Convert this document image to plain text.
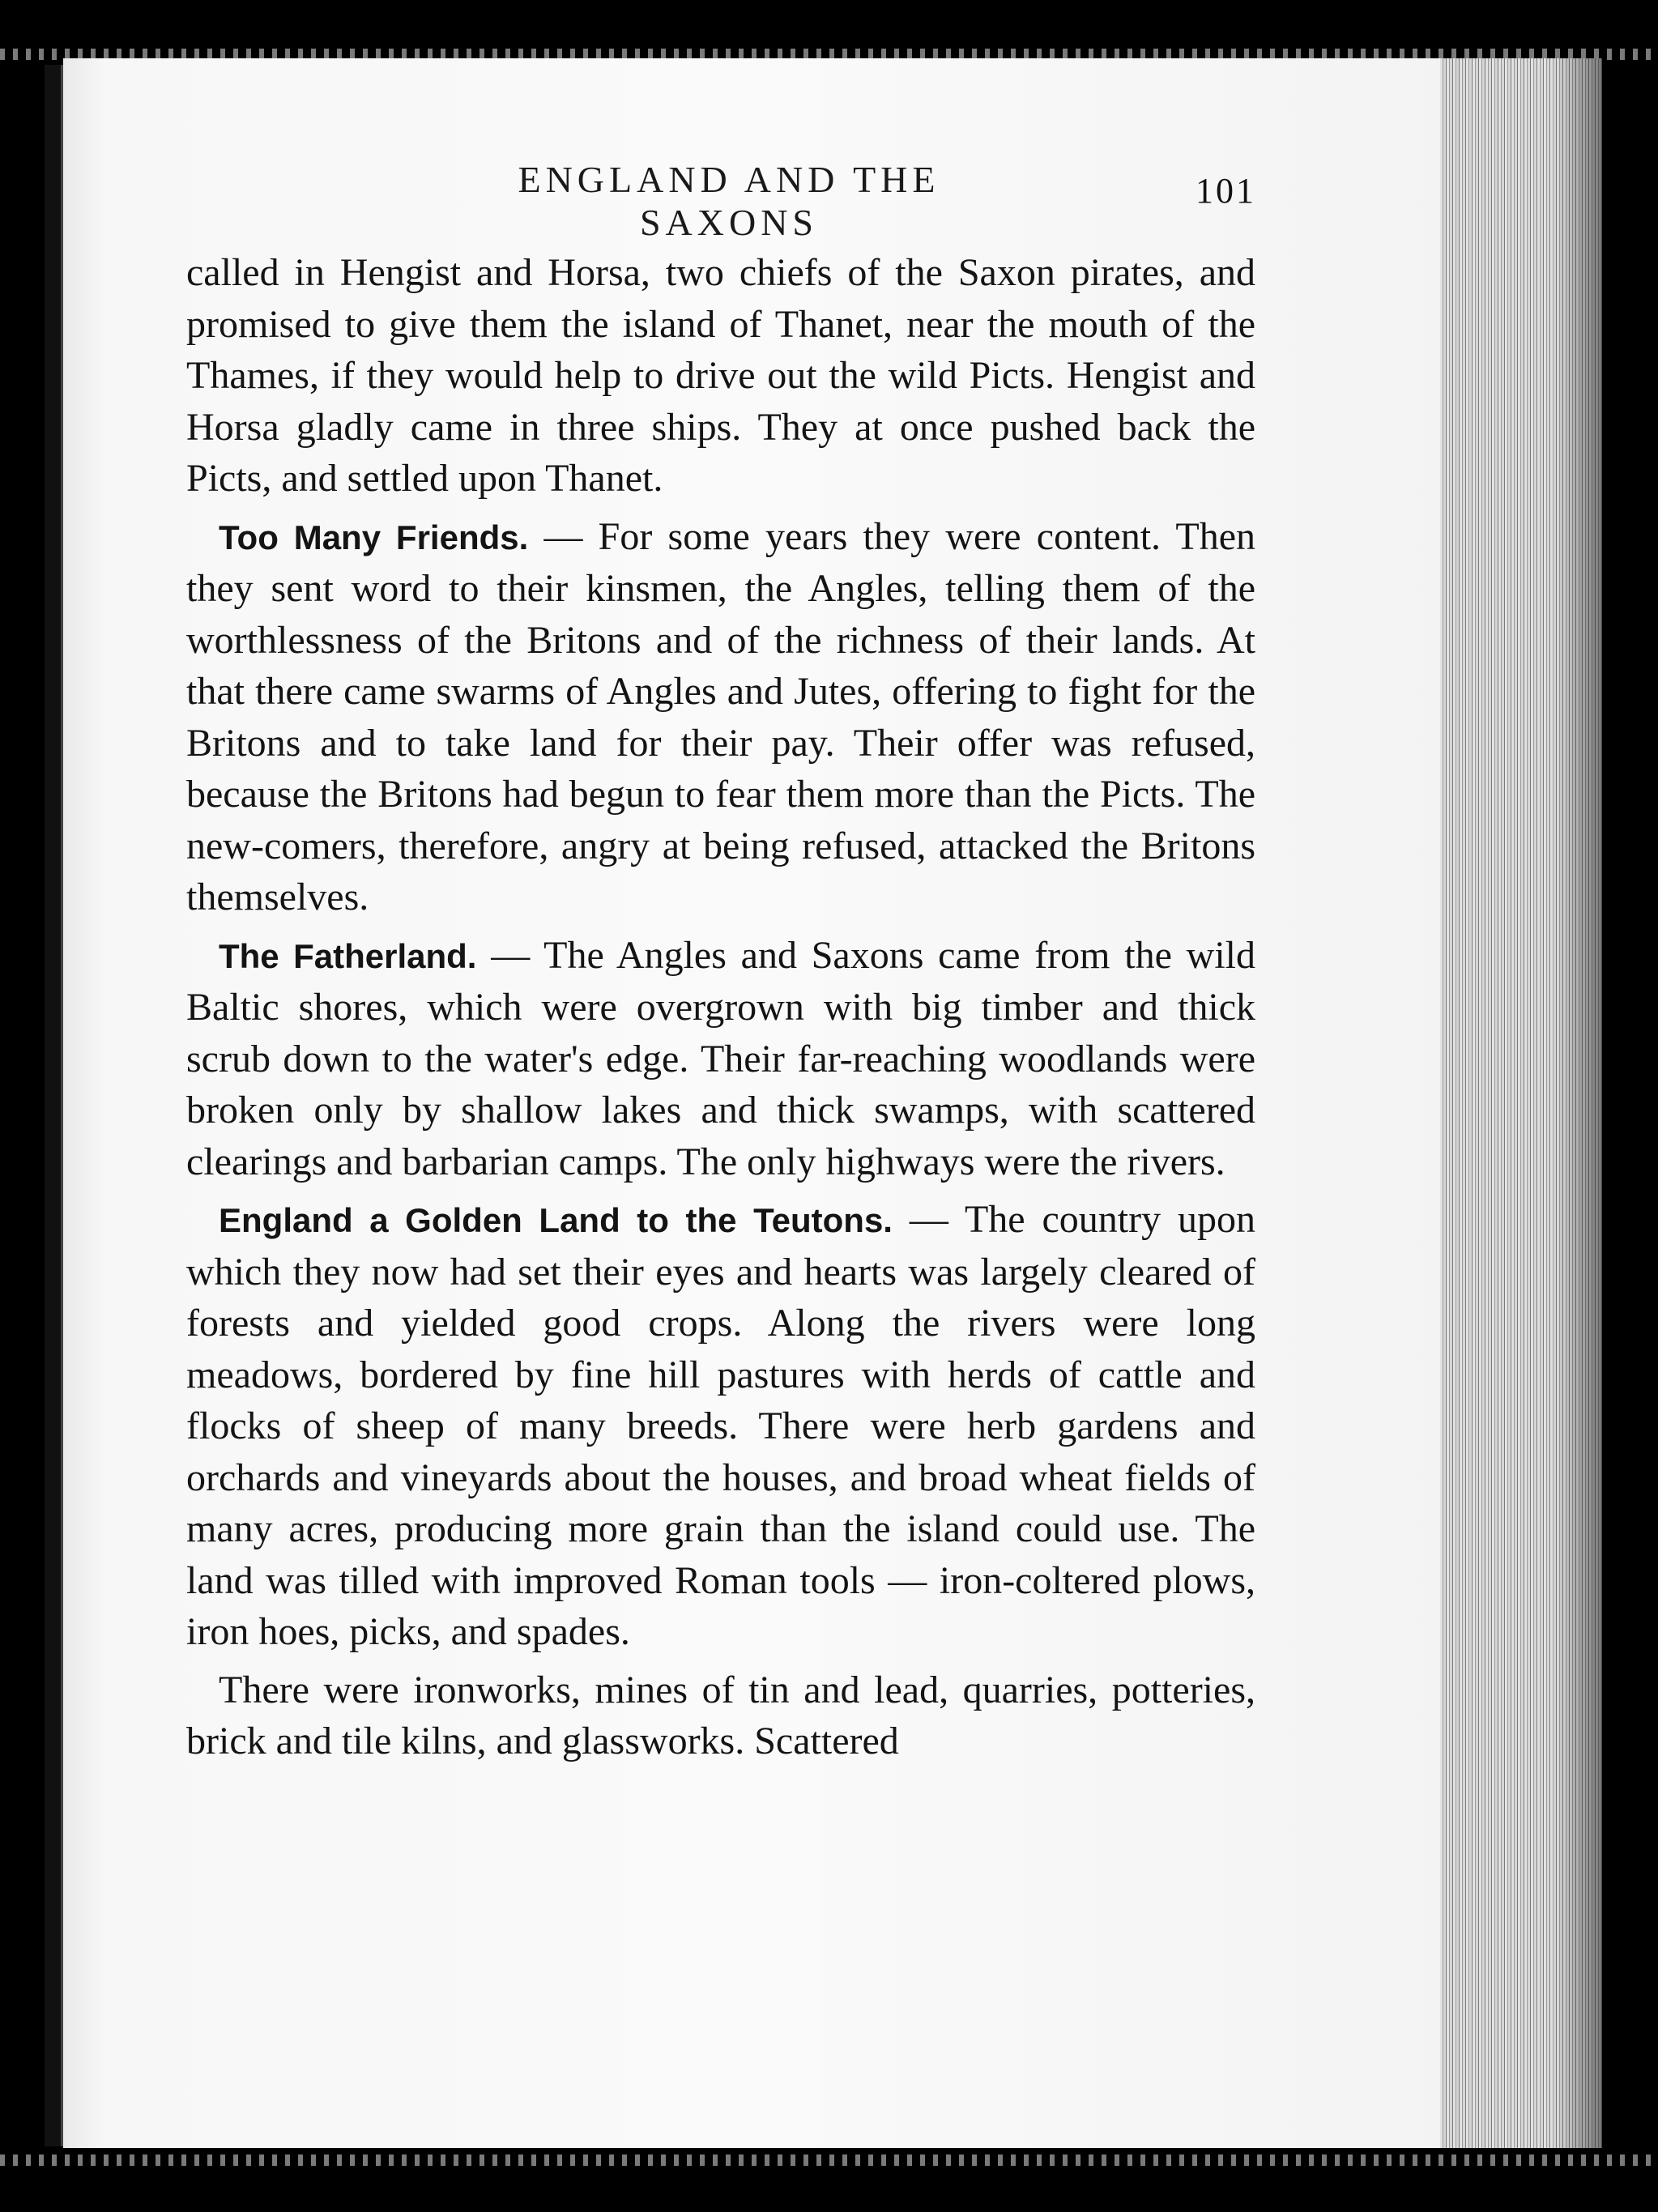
ENGLAND AND THE SAXONS
101

called in Hengist and Horsa, two chiefs of the Saxon pirates, and promised to give them the island of Thanet, near the mouth of the Thames, if they would help to drive out the wild Picts. Hengist and Horsa gladly came in three ships. They at once pushed back the Picts, and settled upon Thanet.

Too Many Friends. — For some years they were content. Then they sent word to their kinsmen, the Angles, telling them of the worthlessness of the Britons and of the richness of their lands. At that there came swarms of Angles and Jutes, offering to fight for the Britons and to take land for their pay. Their offer was refused, because the Britons had begun to fear them more than the Picts. The new-comers, therefore, angry at being refused, attacked the Britons themselves.

The Fatherland. — The Angles and Saxons came from the wild Baltic shores, which were overgrown with big timber and thick scrub down to the water's edge. Their far-reaching woodlands were broken only by shallow lakes and thick swamps, with scattered clearings and barbarian camps. The only highways were the rivers.

England a Golden Land to the Teutons. — The country upon which they now had set their eyes and hearts was largely cleared of forests and yielded good crops. Along the rivers were long meadows, bordered by fine hill pastures with herds of cattle and flocks of sheep of many breeds. There were herb gardens and orchards and vineyards about the houses, and broad wheat fields of many acres, producing more grain than the island could use. The land was tilled with improved Roman tools — iron-coltered plows, iron hoes, picks, and spades.

There were ironworks, mines of tin and lead, quarries, potteries, brick and tile kilns, and glassworks. Scattered
